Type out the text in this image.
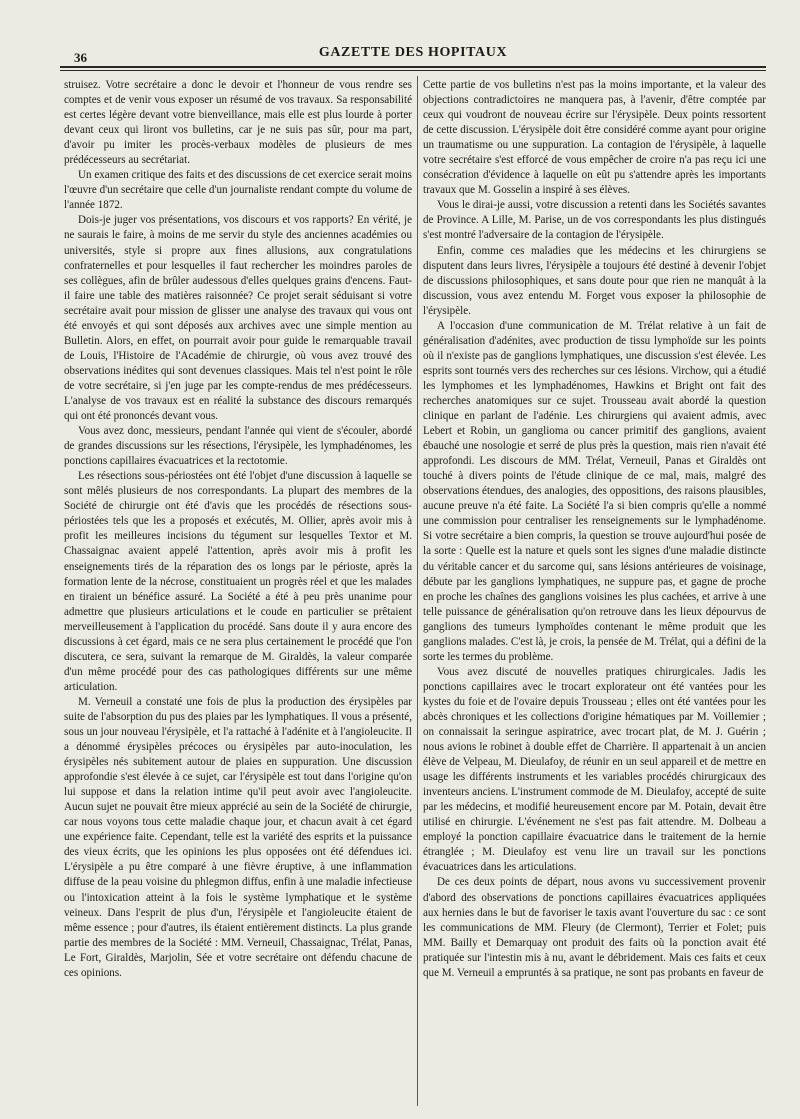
36	GAZETTE DES HOPITAUX

struisez. Votre secrétaire a donc le devoir et l'honneur de vous rendre ses comptes et de venir vous exposer un résumé de vos travaux. Sa responsabilité est certes légère devant votre bienveillance, mais elle est plus lourde à porter devant ceux qui liront vos bulletins, car je ne suis pas sûr, pour ma part, d'avoir pu imiter les procès-verbaux modèles de plusieurs de mes prédécesseurs au secrétariat.

Un examen critique des faits et des discussions de cet exercice serait moins l'œuvre d'un secrétaire que celle d'un journaliste rendant compte du volume de l'année 1872.

Dois-je juger vos présentations, vos discours et vos rapports? En vérité, je ne saurais le faire, à moins de me servir du style des anciennes académies ou universités, style si propre aux fines allusions, aux congratulations confraternelles et pour lesquelles il faut rechercher les moindres paroles de ses collègues, afin de brûler audessous d'elles quelques grains d'encens. Faut-il faire une table des matières raisonnée? Ce projet serait séduisant si votre secrétaire avait pour mission de glisser une analyse des travaux qui vous ont été envoyés et qui sont déposés aux archives avec une simple mention au Bulletin. Alors, en effet, on pourrait avoir pour guide le remarquable travail de Louis, l'Histoire de l'Académie de chirurgie, où vous avez trouvé des observations inédites qui sont devenues classiques. Mais tel n'est point le rôle de votre secrétaire, si j'en juge par les compte-rendus de mes prédécesseurs. L'analyse de vos travaux est en réalité la substance des discours remarqués qui ont été prononcés devant vous.

Vous avez donc, messieurs, pendant l'année qui vient de s'écouler, abordé de grandes discussions sur les résections, l'érysipèle, les lymphadénomes, les ponctions capillaires évacuatrices et la rectotomie.

Les résections sous-périostées ont été l'objet d'une discussion à laquelle se sont mêlés plusieurs de nos correspondants. La plupart des membres de la Société de chirurgie ont été d'avis que les procédés de résections sous-périostées tels que les a proposés et exécutés, M. Ollier, après avoir mis à profit les meilleures incisions du tégument sur lesquelles Textor et M. Chassaignac avaient appelé l'attention, après avoir mis à profit les enseignements tirés de la réparation des os longs par le périoste, après la formation lente de la nécrose, constituaient un progrès réel et que les malades en tiraient un bénéfice assuré. La Société a été à peu près unanime pour admettre que plusieurs articulations et le coude en particulier se prêtaient merveilleusement à l'application du procédé. Sans doute il y aura encore des discussions à cet égard, mais ce ne sera plus certainement le procédé que l'on discutera, ce sera, suivant la remarque de M. Giraldès, la valeur comparée d'un même procédé pour des cas pathologiques différents sur une même articulation.

M. Verneuil a constaté une fois de plus la production des érysipèles par suite de l'absorption du pus des plaies par les lymphatiques. Il vous a présenté, sous un jour nouveau l'érysipèle, et l'a rattaché à l'adénite et à l'angioleucite. Il a dénommé érysipèles précoces ou érysipèles par auto-inoculation, les érysipèles nés subitement autour de plaies en suppuration. Une discussion approfondie s'est élevée à ce sujet, car l'érysipèle est tout dans l'origine qu'on lui suppose et dans la relation intime qu'il peut avoir avec l'angioleucite. Aucun sujet ne pouvait être mieux apprécié au sein de la Société de chirurgie, car nous voyons tous cette maladie chaque jour, et chacun avait à cet égard une expérience faite. Cependant, telle est la variété des esprits et la puissance des vieux écrits, que les opinions les plus opposées ont été défendues ici. L'érysipèle a pu être comparé à une fièvre éruptive, à une inflammation diffuse de la peau voisine du phlegmon diffus, enfin à une maladie infectieuse ou l'intoxication atteint à la fois le système lymphatique et le système veineux. Dans l'esprit de plus d'un, l'érysipèle et l'angioleucite étaient de même essence ; pour d'autres, ils étaient entièrement distincts. La plus grande partie des membres de la Société : MM. Verneuil, Chassaignac, Trélat, Panas, Le Fort, Giraldès, Marjolin, Sée et votre secrétaire ont défendu chacune de ces opinions.

Cette partie de vos bulletins n'est pas la moins importante, et la valeur des objections contradictoires ne manquera pas, à l'avenir, d'être comptée par ceux qui voudront de nouveau écrire sur l'érysipèle. Deux points ressortent de cette discussion. L'érysipèle doit être considéré comme ayant pour origine un traumatisme ou une suppuration. La contagion de l'érysipèle, à laquelle votre secrétaire s'est efforcé de vous empêcher de croire n'a pas reçu ici une consécration d'évidence à laquelle on eût pu s'attendre après les importants travaux que M. Gosselin a inspiré à ses élèves.

Vous le dirai-je aussi, votre discussion a retenti dans les Sociétés savantes de Province. A Lille, M. Parise, un de vos correspondants les plus distingués s'est montré l'adversaire de la contagion de l'érysipèle.

Enfin, comme ces maladies que les médecins et les chirurgiens se disputent dans leurs livres, l'érysipèle a toujours été destiné à devenir l'objet de discussions philosophiques, et sans doute pour que rien ne manquât à la discussion, vous avez entendu M. Forget vous exposer la philosophie de l'érysipèle.

A l'occasion d'une communication de M. Trélat relative à un fait de généralisation d'adénites, avec production de tissu lymphoïde sur les points où il n'existe pas de ganglions lymphatiques, une discussion s'est élevée. Les esprits sont tournés vers des recherches sur ces lésions. Virchow, qui a étudié les lymphomes et les lymphadénomes, Hawkins et Bright ont fait des recherches anatomiques sur ce sujet. Trousseau avait abordé la question clinique en parlant de l'adénie. Les chirurgiens qui avaient admis, avec Lebert et Robin, un ganglioma ou cancer primitif des ganglions, avaient ébauché une nosologie et serré de plus près la question, mais rien n'avait été approfondi. Les discours de MM. Trélat, Verneuil, Panas et Giraldès ont touché à divers points de l'étude clinique de ce mal, mais, malgré des observations étendues, des analogies, des oppositions, des raisons plausibles, aucune preuve n'a été faite. La Société l'a si bien compris qu'elle a nommé une commission pour centraliser les renseignements sur le lymphadénome. Si votre secrétaire a bien compris, la question se trouve aujourd'hui posée de la sorte : Quelle est la nature et quels sont les signes d'une maladie distincte du véritable cancer et du sarcome qui, sans lésions antérieures de voisinage, débute par les ganglions lymphatiques, ne suppure pas, et gagne de proche en proche les chaînes des ganglions voisines les plus cachées, et arrive à une telle puissance de généralisation qu'on retrouve dans les lieux dépourvus de ganglions des tumeurs lymphoïdes contenant le même produit que les ganglions malades. C'est là, je crois, la pensée de M. Trélat, qui a défini de la sorte les termes du problème.

Vous avez discuté de nouvelles pratiques chirurgicales. Jadis les ponctions capillaires avec le trocart explorateur ont été vantées pour les kystes du foie et de l'ovaire depuis Trousseau ; elles ont été vantées pour les abcès chroniques et les collections d'origine hématiques par M. Voillemier ; on connaissait la seringue aspiratrice, avec trocart plat, de M. J. Guérin ; nous avions le robinet à double effet de Charrière. Il appartenait à un ancien élève de Velpeau, M. Dieulafoy, de réunir en un seul appareil et de mettre en usage les différents instruments et les variables procédés chirurgicaux des inventeurs anciens. L'instrument commode de M. Dieulafoy, accepté de suite par les médecins, et modifié heureusement encore par M. Potain, devait être utilisé en chirurgie. L'événement ne s'est pas fait attendre. M. Dolbeau a employé la ponction capillaire évacuatrice dans le traitement de la hernie étranglée ; M. Dieulafoy est venu lire un travail sur les ponctions évacuatrices dans les articulations.

De ces deux points de départ, nous avons vu successivement provenir d'abord des observations de ponctions capillaires évacuatrices appliquées aux hernies dans le but de favoriser le taxis avant l'ouverture du sac : ce sont les communications de MM. Fleury (de Clermont), Terrier et Folet; puis MM. Bailly et Demarquay ont produit des faits où la ponction avait été pratiquée sur l'intestin mis à nu, avant le débridement. Mais ces faits et ceux que M. Verneuil a empruntés à sa pratique, ne sont pas probants en faveur de
